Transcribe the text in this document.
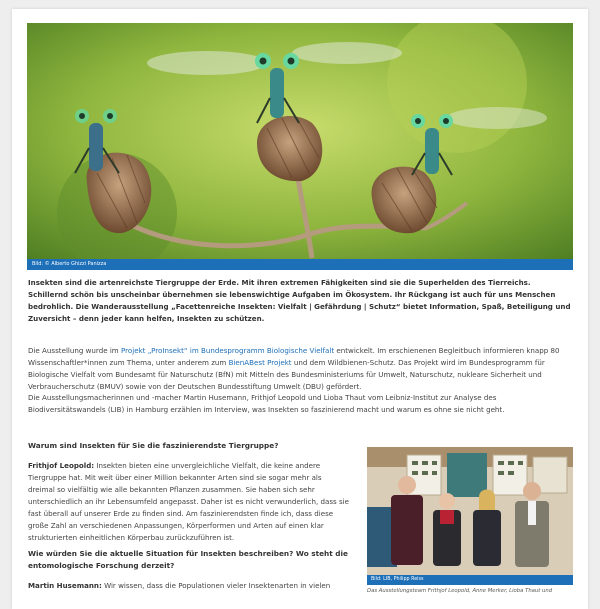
Bild: © Alberto Ghizzi Panizza
Insekten sind die artenreichste Tiergruppe der Erde. Mit ihren extremen Fähigkeiten sind sie die Superhelden des Tierreichs. Schillernd schön bis unscheinbar übernehmen sie lebenswichtige Aufgaben im Ökosystem. Ihr Rückgang ist auch für uns Menschen bedrohlich. Die Wanderausstellung „Facettenreiche Insekten: Vielfalt | Gefährdung | Schutz“ bietet Information, Spaß, Beteiligung und Zuversicht – denn jeder kann helfen, Insekten zu schützen.
Die Ausstellung wurde im Projekt „ProInsekt“ im Bundesprogramm Biologische Vielfalt entwickelt. Im erschienenen Begleitbuch informieren knapp 80 Wissenschaftler*innen zum Thema, unter anderem zum BienABest Projekt und dem Wildbienen-Schutz. Das Projekt wird im Bundesprogramm für Biologische Vielfalt vom Bundesamt für Naturschutz (BfN) mit Mitteln des Bundesministeriums für Umwelt, Naturschutz, nukleare Sicherheit und Verbraucherschutz (BMUV) sowie von der Deutschen Bundesstiftung Umwelt (DBU) gefördert.
Die Ausstellungsmacherinnen und -macher Martin Husemann, Frithjof Leopold und Lioba Thaut vom Leibniz-Institut zur Analyse des Biodiversitätswandels (LIB) in Hamburg erzählen im Interview, was Insekten so faszinierend macht und warum es ohne sie nicht geht.
Warum sind Insekten für Sie die faszinierendste Tiergruppe?
Frithjof Leopold: Insekten bieten eine unvergleichliche Vielfalt, die keine andere Tiergruppe hat. Mit weit über einer Million bekannter Arten sind sie sogar mehr als dreimal so vielfältig wie alle bekannten Pflanzen zusammen. Sie haben sich sehr unterschiedlich an ihr Lebensumfeld angepasst. Daher ist es nicht verwunderlich, dass sie fast überall auf unserer Erde zu finden sind. Am faszinierendsten finde ich, dass diese große Zahl an verschiedenen Anpassungen, Körperformen und Arten auf einen klar strukturierten einheitlichen Körperbau zurückzuführen ist.
Wie würden Sie die aktuelle Situation für Insekten beschreiben? Wo steht die entomologische Forschung derzeit?
Martin Husemann: Wir wissen, dass die Populationen vieler Insektenarten in vielen
Bild: LIB, Philipp Reiss
Das Ausstellungsteam Frithjof Leopold, Anne Merker, Lioba Thaut und
